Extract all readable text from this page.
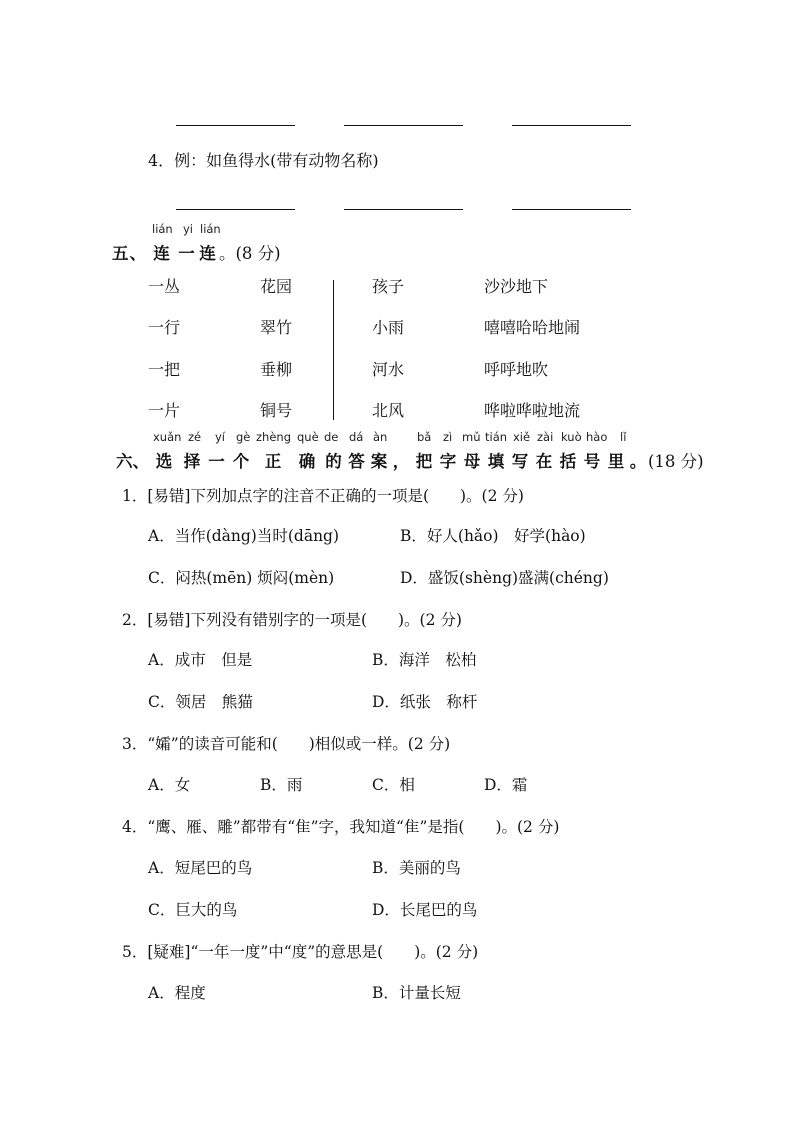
4．例：如鱼得水(带有动物名称)
lián yi lián
五、 连 一 连 。(8 分)
一丛	花园	孩子	沙沙地下
一行	翠竹	小雨	嘻嘻哈哈地闹
一把	垂柳	河水	呼呼地吹
一片	铜号	北风	哗啦哗啦地流
xuǎn zé yí gè zhèng què de dá àn	bǎ zì mǔ tián xiě zài kuò hào lǐ
六、 选 择 一 个 正 确 的 答 案 ， 把 字 母 填 写 在 括 号 里 。 (18 分)
1．[易错]下列加点字的注音不正确的一项是(　　)。(2 分)
A．当作(dàng)当时(dāng)	B．好人(hǎo)　好学(hào)
C．闷热(mēn) 烦闷(mèn)	D．盛饭(shèng)盛满(chéng)
2．[易错]下列没有错别字的一项是(　　)。(2 分)
A．成市　但是	B．海洋　松柏
C．领居　熊猫	D．纸张　称杆
3．“孀”的读音可能和(　　)相似或一样。(2 分)
A．女	B．雨	C．相	D．霜
4．“鹰、雁、雕”都带有“隹”字，我知道“隹”是指(　　)。(2 分)
A．短尾巴的鸟	B．美丽的鸟
C．巨大的鸟	D．长尾巴的鸟
5．[疑难]“一年一度”中“度”的意思是(　　)。(2 分)
A．程度	B．计量长短
